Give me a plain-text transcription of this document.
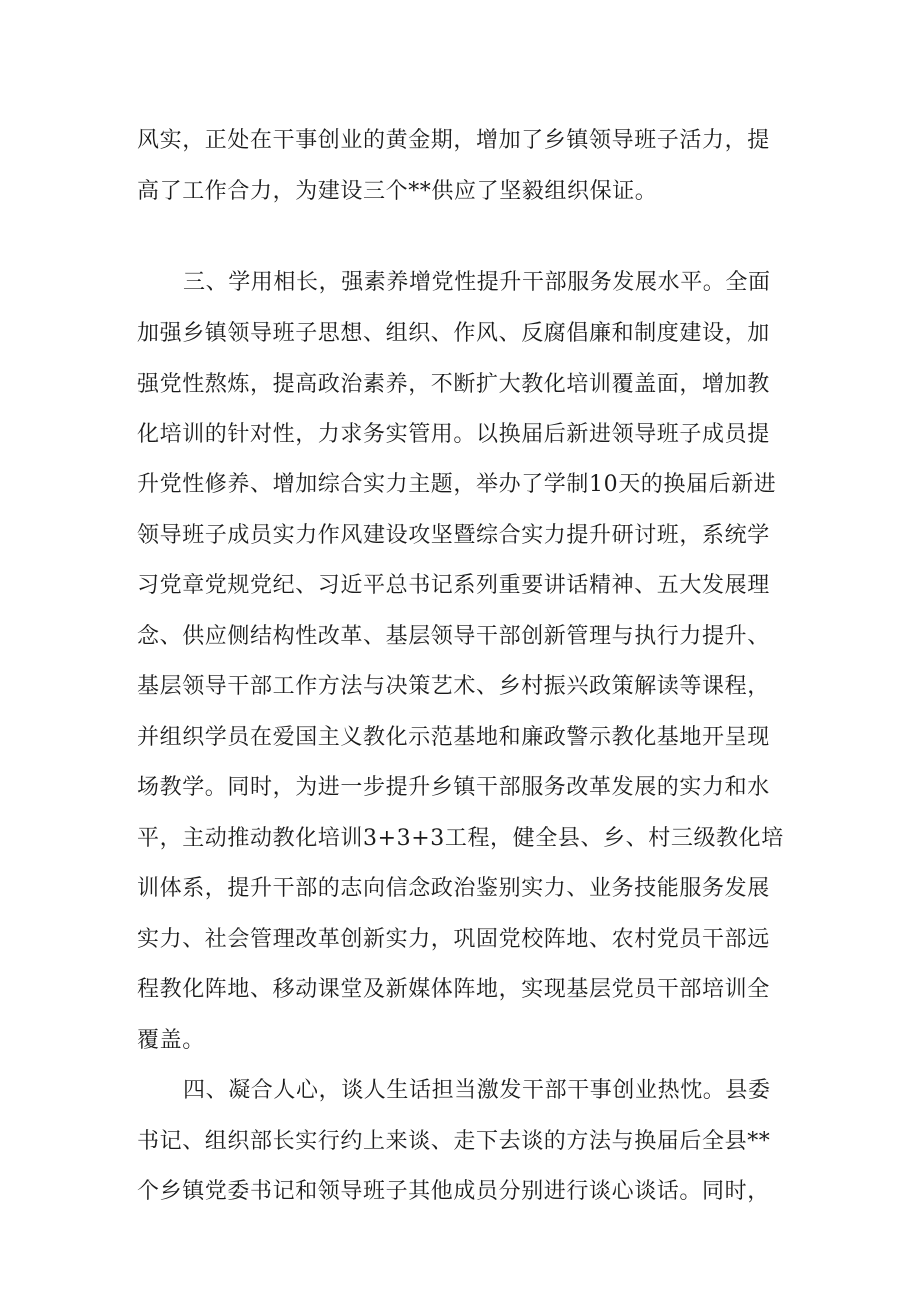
风实，正处在干事创业的黄金期，增加了乡镇领导班子活力，提
高了工作合力，为建设三个**供应了坚毅组织保证。
三、学用相长，强素养增党性提升干部服务发展水平。全面
加强乡镇领导班子思想、组织、作风、反腐倡廉和制度建设，加
强党性熬炼，提高政治素养，不断扩大教化培训覆盖面，增加教
化培训的针对性，力求务实管用。以换届后新进领导班子成员提
升党性修养、增加综合实力主题，举办了学制10天的换届后新进
领导班子成员实力作风建设攻坚暨综合实力提升研讨班，系统学
习党章党规党纪、习近平总书记系列重要讲话精神、五大发展理
念、供应侧结构性改革、基层领导干部创新管理与执行力提升、
基层领导干部工作方法与决策艺术、乡村振兴政策解读等课程，
并组织学员在爱国主义教化示范基地和廉政警示教化基地开呈现
场教学。同时，为进一步提升乡镇干部服务改革发展的实力和水
平，主动推动教化培训3+3+3工程，健全县、乡、村三级教化培
训体系，提升干部的志向信念政治鉴别实力、业务技能服务发展
实力、社会管理改革创新实力，巩固党校阵地、农村党员干部远
程教化阵地、移动课堂及新媒体阵地，实现基层党员干部培训全
覆盖。
四、凝合人心，谈人生话担当激发干部干事创业热忱。县委
书记、组织部长实行约上来谈、走下去谈的方法与换届后全县**
个乡镇党委书记和领导班子其他成员分别进行谈心谈话。同时，
